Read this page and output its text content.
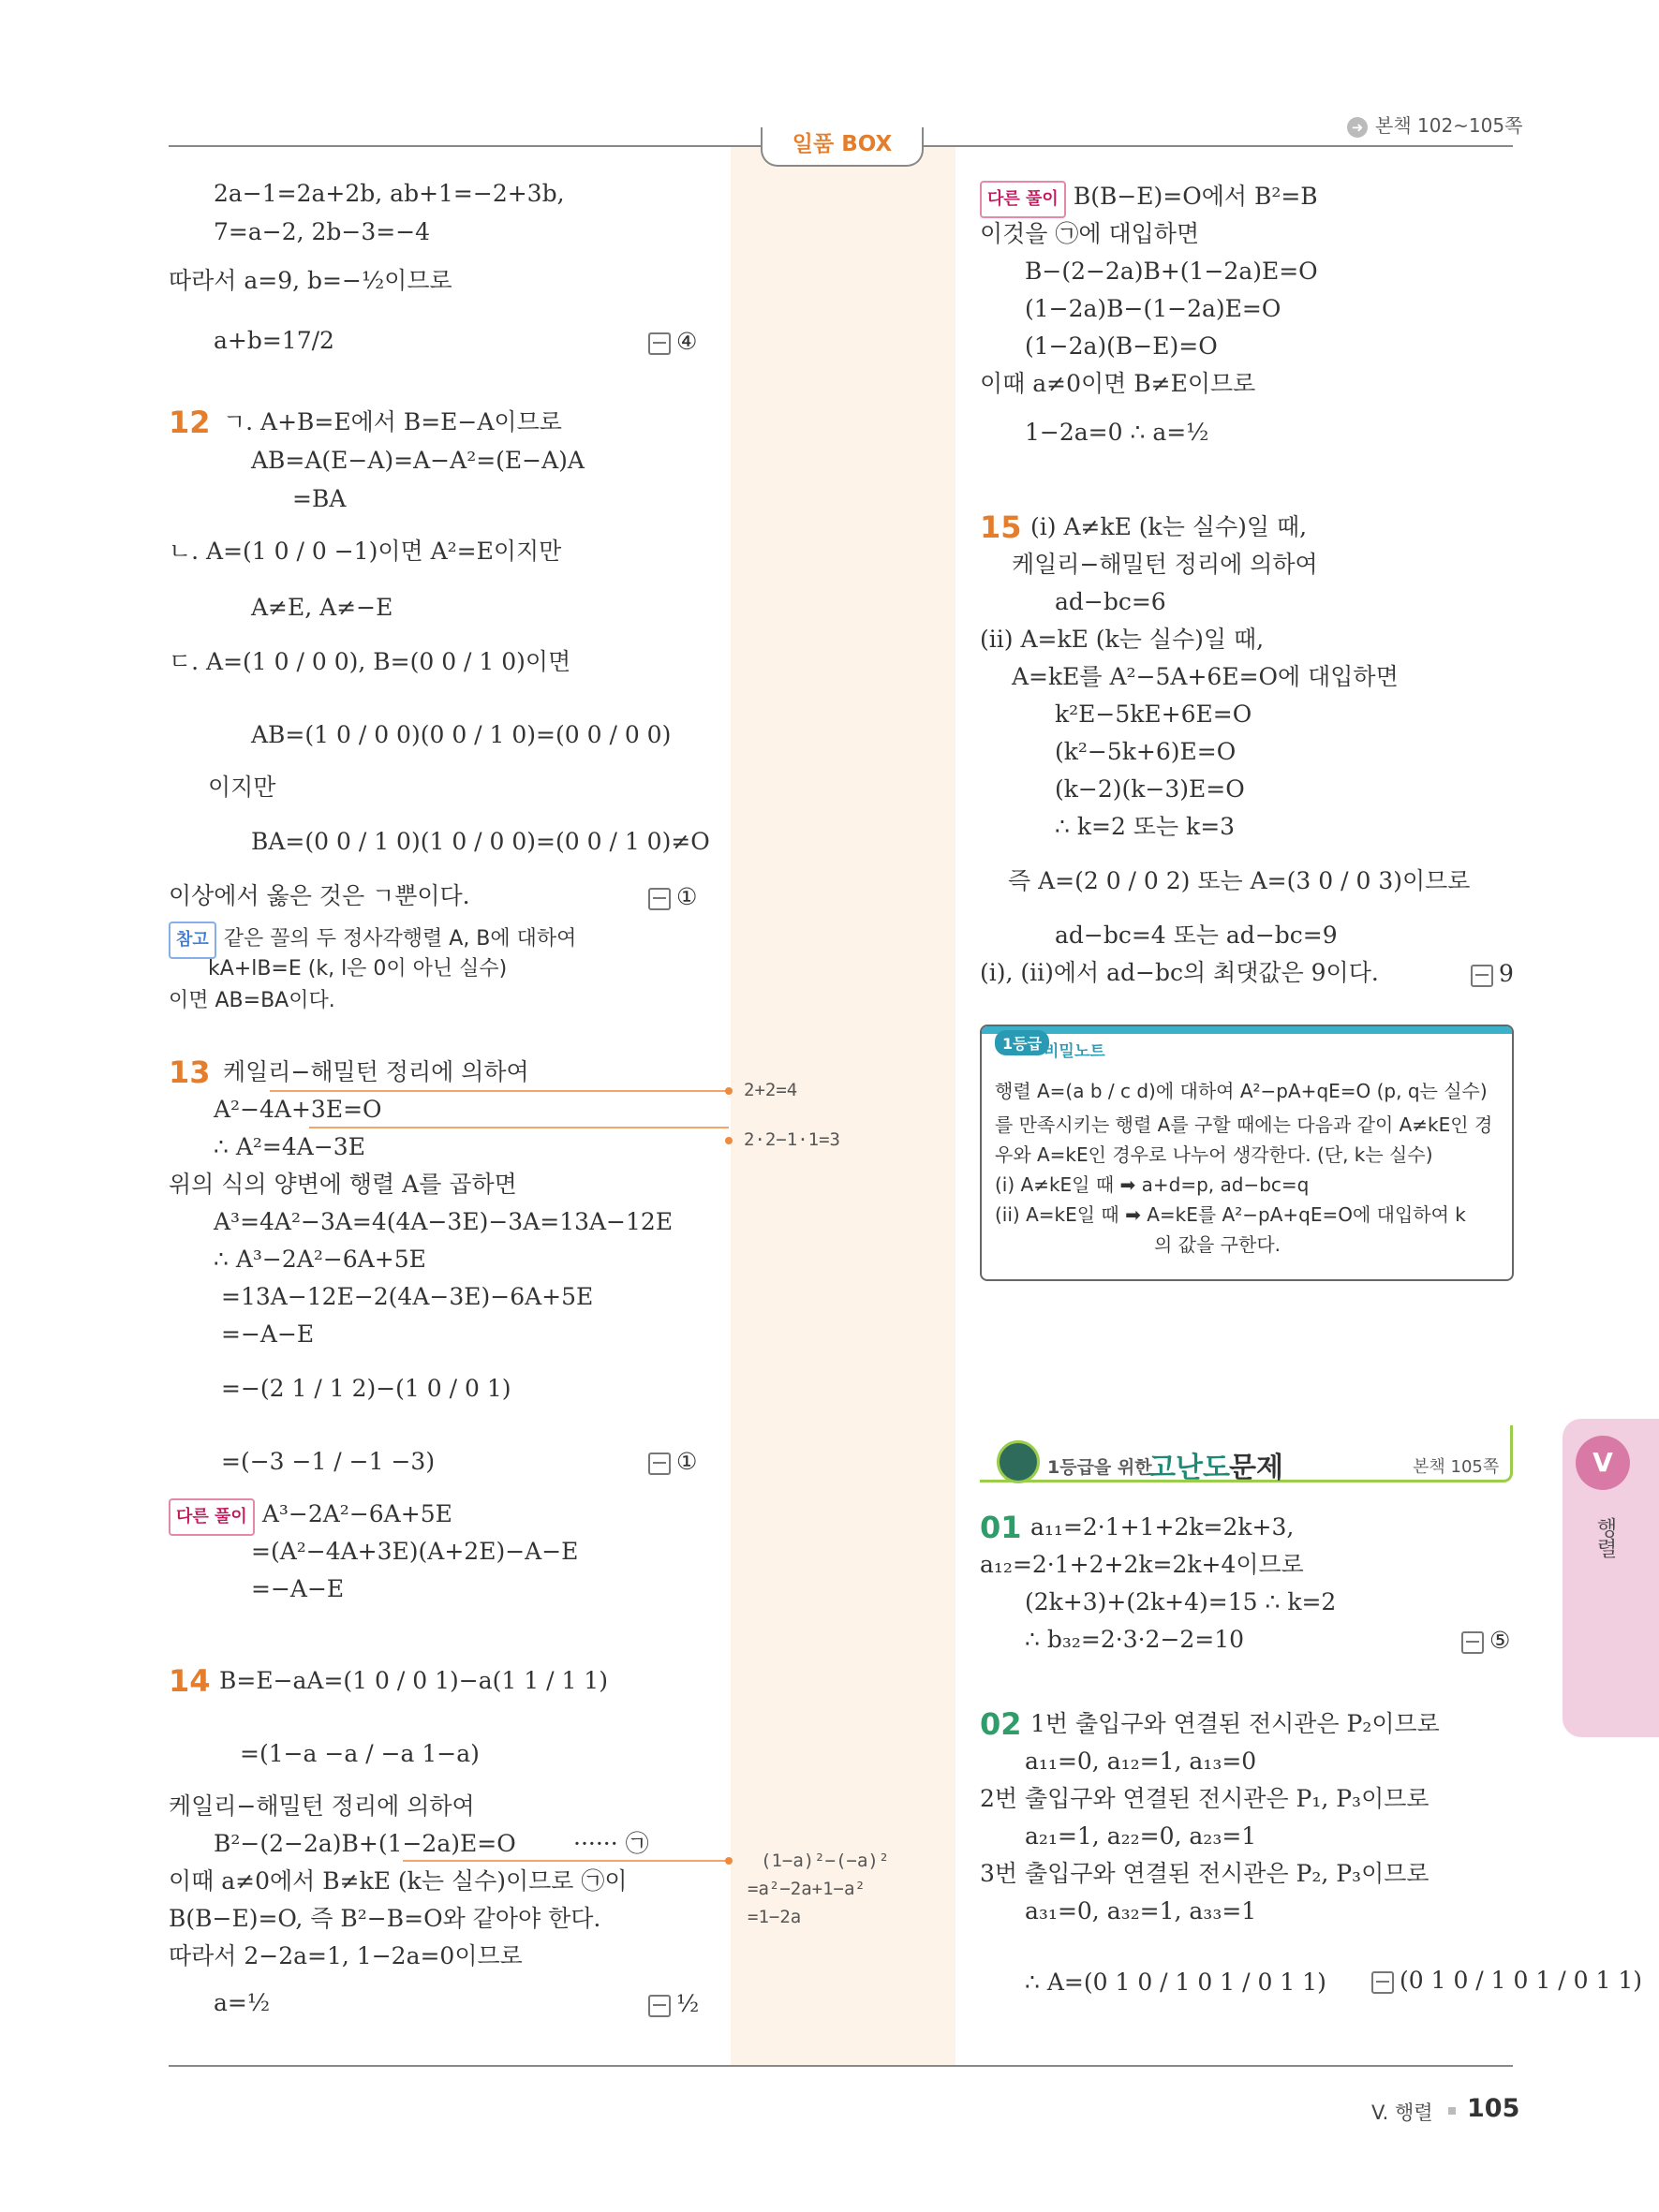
일품 BOX
➜ 본책 102~105쪽
V
행렬
2a−1=2a+2b, ab+1=−2+3b,
7=a−2, 2b−3=−4
따라서 a=9, b=−½이므로
a+b=17/2	④
12 ㄱ. A+B=E에서 B=E−A이므로
AB=A(E−A)=A−A²=(E−A)A
=BA
ㄴ. A=(1 0 / 0 −1)이면 A²=E이지만
A≠E, A≠−E
ㄷ. A=(1 0 / 0 0), B=(0 0 / 1 0)이면
AB=(1 0 / 0 0)(0 0 / 1 0)=(0 0 / 0 0)
이지만
BA=(0 0 / 1 0)(1 0 / 0 0)=(0 0 / 1 0)≠O
이상에서 옳은 것은 ㄱ뿐이다.	①
참고 같은 꼴의 두 정사각행렬 A, B에 대하여
kA+lB=E (k, l은 0이 아닌 실수)
이면 AB=BA이다.
13 케일리−해밀턴 정리에 의하여
A²−4A+3E=O
∴ A²=4A−3E
위의 식의 양변에 행렬 A를 곱하면
A³=4A²−3A=4(4A−3E)−3A=13A−12E
∴ A³−2A²−6A+5E
=13A−12E−2(4A−3E)−6A+5E
=−A−E
=−(2 1 / 1 2)−(1 0 / 0 1)
=(−3 −1 / −1 −3)	①
2+2=4
2·2−1·1=3
다른 풀이 A³−2A²−6A+5E
=(A²−4A+3E)(A+2E)−A−E
=−A−E
14 B=E−aA=(1 0 / 0 1)−a(1 1 / 1 1)
=(1−a −a / −a 1−a)
케일리−해밀턴 정리에 의하여
B²−(2−2a)B+(1−2a)E=O ······ ㉠
이때 a≠0에서 B≠kE (k는 실수)이므로 ㉠이
B(B−E)=O, 즉 B²−B=O와 같아야 한다.
따라서 2−2a=1, 1−2a=0이므로
a=½	½
(1−a)²−(−a)²
=a²−2a+1−a²
=1−2a
다른 풀이 B(B−E)=O에서 B²=B
이것을 ㉠에 대입하면
B−(2−2a)B+(1−2a)E=O
(1−2a)B−(1−2a)E=O
(1−2a)(B−E)=O
이때 a≠0이면 B≠E이므로
1−2a=0 ∴ a=½
15 (i) A≠kE (k는 실수)일 때,
케일리−해밀턴 정리에 의하여
ad−bc=6
(ii) A=kE (k는 실수)일 때,
A=kE를 A²−5A+6E=O에 대입하면
k²E−5kE+6E=O
(k²−5k+6)E=O
(k−2)(k−3)E=O
∴ k=2 또는 k=3
즉 A=(2 0 / 0 2) 또는 A=(3 0 / 0 3)이므로
ad−bc=4 또는 ad−bc=9
(i), (ii)에서 ad−bc의 최댓값은 9이다.	9
1등급 비밀노트
행렬 A=(a b / c d)에 대하여 A²−pA+qE=O (p, q는 실수)
를 만족시키는 행렬 A를 구할 때에는 다음과 같이 A≠kE인 경
우와 A=kE인 경우로 나누어 생각한다. (단, k는 실수)
(i) A≠kE일 때 ➡ a+d=p, ad−bc=q
(ii) A=kE일 때 ➡ A=kE를 A²−pA+qE=O에 대입하여 k
의 값을 구한다.
1등급을 위한
고난도 문제	본책 105쪽
01 a₁₁=2·1+1+2k=2k+3,
a₁₂=2·1+2+2k=2k+4이므로
(2k+3)+(2k+4)=15 ∴ k=2
∴ b₃₂=2·3·2−2=10	⑤
02 1번 출입구와 연결된 전시관은 P₂이므로
a₁₁=0, a₁₂=1, a₁₃=0
2번 출입구와 연결된 전시관은 P₁, P₃이므로
a₂₁=1, a₂₂=0, a₂₃=1
3번 출입구와 연결된 전시관은 P₂, P₃이므로
a₃₁=0, a₃₂=1, a₃₃=1
∴ A=(0 1 0 / 1 0 1 / 0 1 1)	(0 1 0 / 1 0 1 / 0 1 1)
V. 행렬 105
